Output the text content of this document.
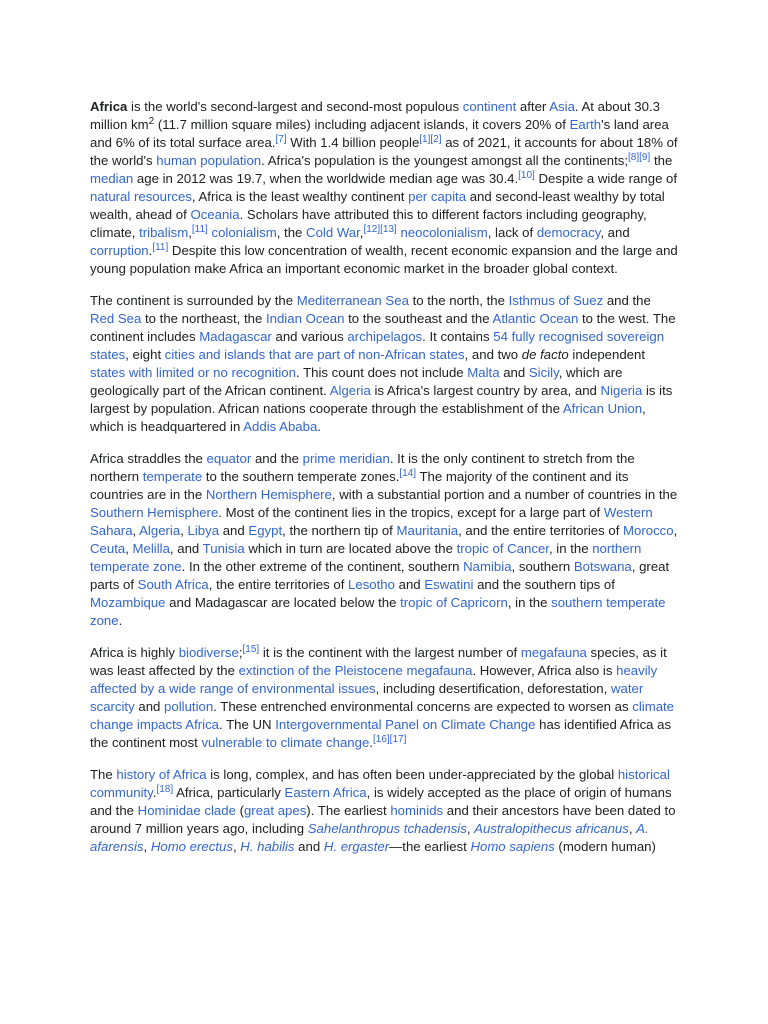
Africa is the world's second-largest and second-most populous continent after Asia. At about 30.3 million $km^2$ (11.7 million square miles) including adjacent islands, it covers 20% of Earth's land area and 6% of its total surface area.[7] With 1.4 billion people[1][2] as of 2021, it accounts for about 18% of the world's human population. Africa's population is the youngest amongst all the continents;[8][9] the median age in 2012 was 19.7, when the worldwide median age was 30.4.[10] Despite a wide range of natural resources, Africa is the least wealthy continent per capita and second-least wealthy by total wealth, ahead of Oceania. Scholars have attributed this to different factors including geography, climate, tribalism,[11] colonialism, the Cold War,[12][13] neocolonialism, lack of democracy, and corruption.[11] Despite this low concentration of wealth, recent economic expansion and the large and young population make Africa an important economic market in the broader global context.

The continent is surrounded by the Mediterranean Sea to the north, the Isthmus of Suez and the Red Sea to the northeast, the Indian Ocean to the southeast and the Atlantic Ocean to the west. The continent includes Madagascar and various archipelagos. It contains 54 fully recognised sovereign states, eight cities and islands that are part of non-African states, and two de facto independent states with limited or no recognition. This count does not include Malta and Sicily, which are geologically part of the African continent. Algeria is Africa's largest country by area, and Nigeria is its largest by population. African nations cooperate through the establishment of the African Union, which is headquartered in Addis Ababa.

Africa straddles the equator and the prime meridian. It is the only continent to stretch from the northern temperate to the southern temperate zones.[14] The majority of the continent and its countries are in the Northern Hemisphere, with a substantial portion and a number of countries in the Southern Hemisphere. Most of the continent lies in the tropics, except for a large part of Western Sahara, Algeria, Libya and Egypt, the northern tip of Mauritania, and the entire territories of Morocco, Ceuta, Melilla, and Tunisia which in turn are located above the tropic of Cancer, in the northern temperate zone. In the other extreme of the continent, southern Namibia, southern Botswana, great parts of South Africa, the entire territories of Lesotho and Eswatini and the southern tips of Mozambique and Madagascar are located below the tropic of Capricorn, in the southern temperate zone.

Africa is highly biodiverse;[15] it is the continent with the largest number of megafauna species, as it was least affected by the extinction of the Pleistocene megafauna. However, Africa also is heavily affected by a wide range of environmental issues, including desertification, deforestation, water scarcity and pollution. These entrenched environmental concerns are expected to worsen as climate change impacts Africa. The UN Intergovernmental Panel on Climate Change has identified Africa as the continent most vulnerable to climate change.[16][17]

The history of Africa is long, complex, and has often been under-appreciated by the global historical community.[18] Africa, particularly Eastern Africa, is widely accepted as the place of origin of humans and the Hominidae clade (great apes). The earliest hominids and their ancestors have been dated to around 7 million years ago, including Sahelanthropus tchadensis, Australopithecus africanus, A. afarensis, Homo erectus, H. habilis and H. ergaster—the earliest Homo sapiens (modern human)
